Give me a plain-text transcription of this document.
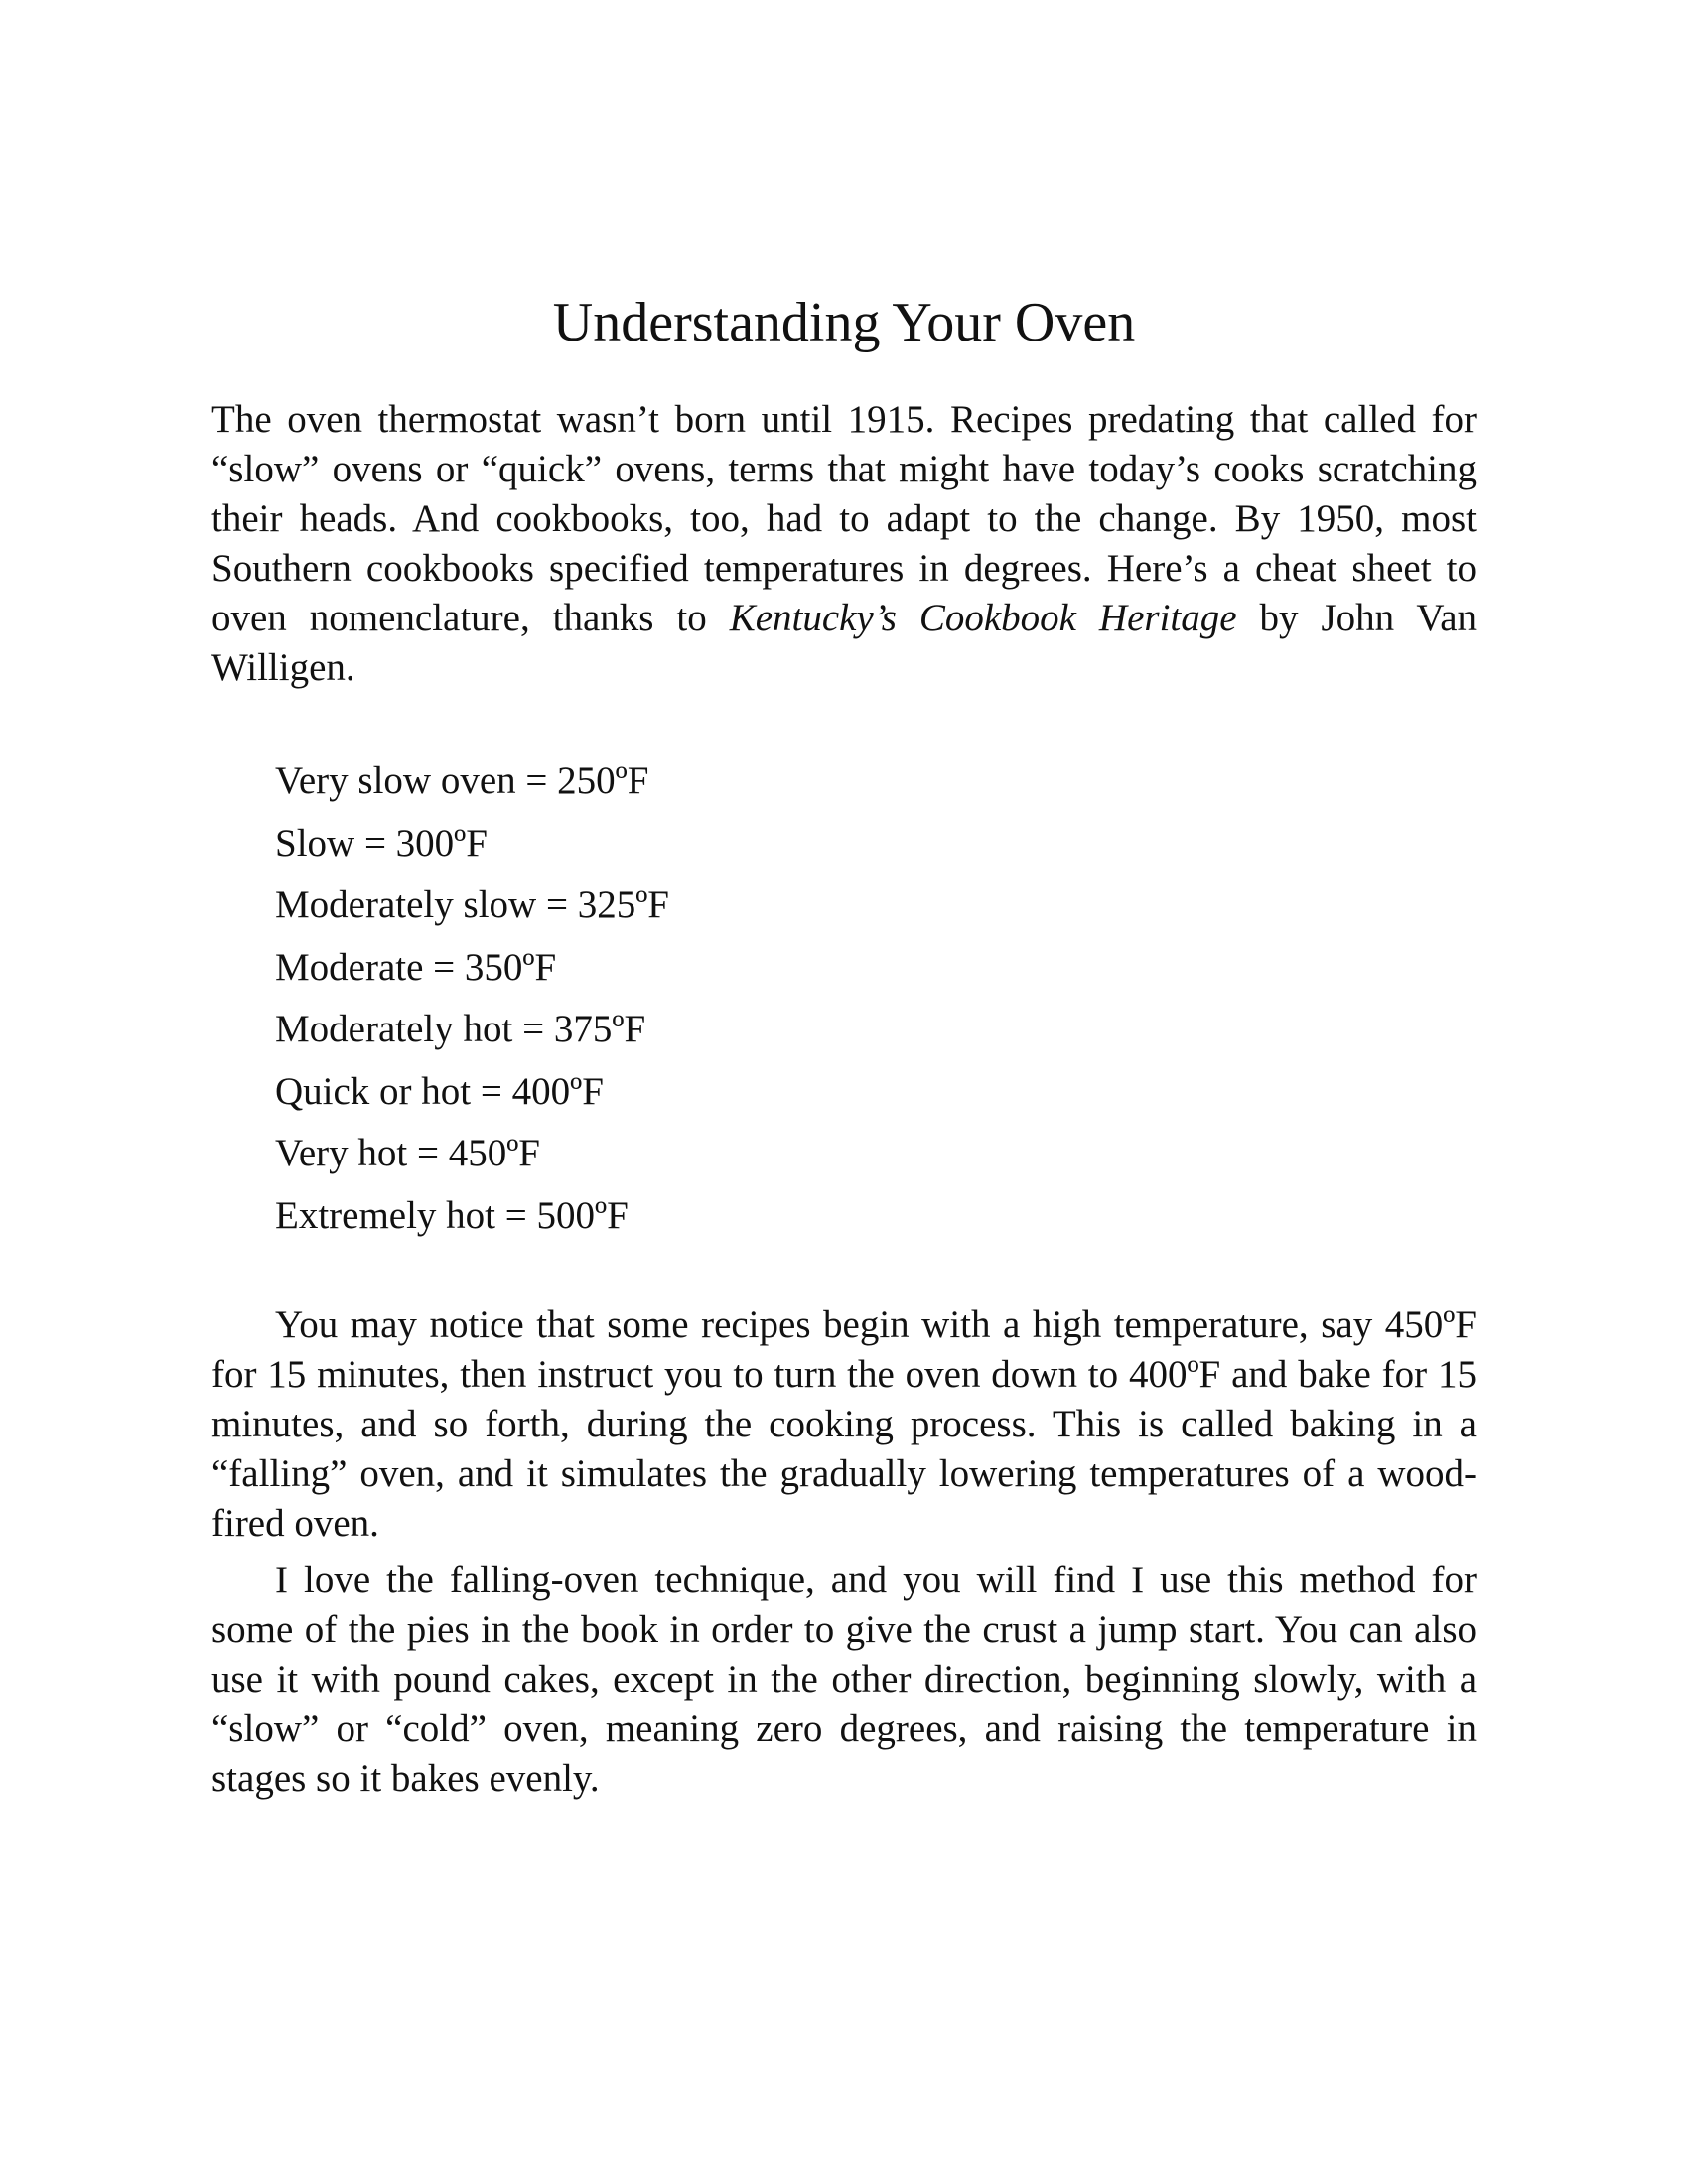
Understanding Your Oven

The oven thermostat wasn’t born until 1915. Recipes predating that called for “slow” ovens or “quick” ovens, terms that might have today’s cooks scratching their heads. And cookbooks, too, had to adapt to the change. By 1950, most Southern cookbooks specified temperatures in degrees. Here’s a cheat sheet to oven nomenclature, thanks to Kentucky’s Cookbook Heritage by John Van Willigen.

Very slow oven = 250ºF
Slow = 300ºF
Moderately slow = 325ºF
Moderate = 350ºF
Moderately hot = 375ºF
Quick or hot = 400ºF
Very hot = 450ºF
Extremely hot = 500ºF

You may notice that some recipes begin with a high temperature, say 450ºF for 15 minutes, then instruct you to turn the oven down to 400ºF and bake for 15 minutes, and so forth, during the cooking process. This is called baking in a “falling” oven, and it simulates the gradually lowering temperatures of a wood-fired oven.

I love the falling-oven technique, and you will find I use this method for some of the pies in the book in order to give the crust a jump start. You can also use it with pound cakes, except in the other direction, beginning slowly, with a “slow” or “cold” oven, meaning zero degrees, and raising the temperature in stages so it bakes evenly.
